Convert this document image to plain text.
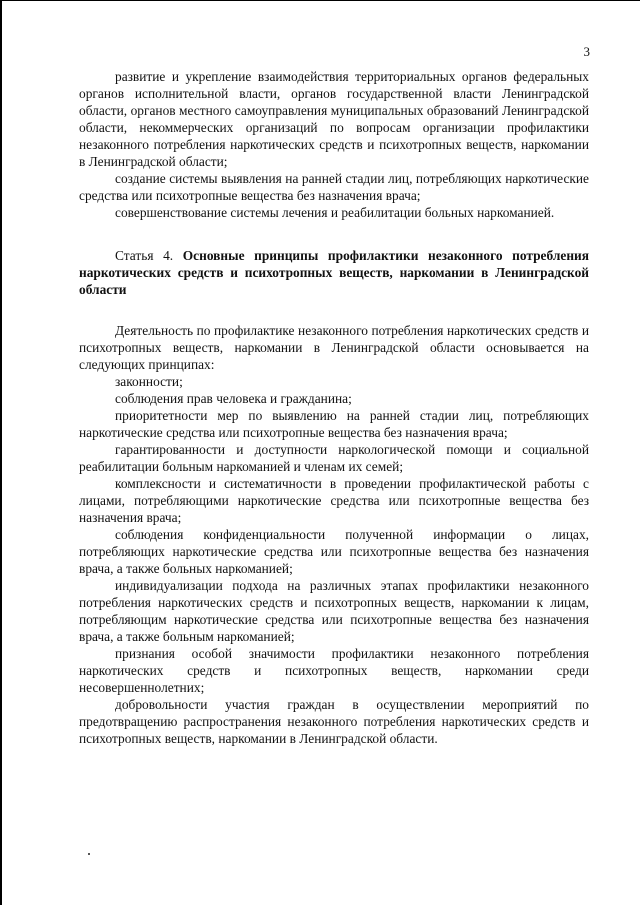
3

развитие и укрепление взаимодействия территориальных органов федеральных органов исполнительной власти, органов государственной власти Ленинградской области, органов местного самоуправления муниципальных образований Ленинградской области, некоммерческих организаций по вопросам организации профилактики незаконного потребления наркотических средств и психотропных веществ, наркомании в Ленинградской области;

создание системы выявления на ранней стадии лиц, потребляющих наркотические средства или психотропные вещества без назначения врача;

совершенствование системы лечения и реабилитации больных наркоманией.

Статья 4. Основные принципы профилактики незаконного потребления наркотических средств и психотропных веществ, наркомании в Ленинградской области

Деятельность по профилактике незаконного потребления наркотических средств и психотропных веществ, наркомании в Ленинградской области основывается на следующих принципах:

законности;

соблюдения прав человека и гражданина;

приоритетности мер по выявлению на ранней стадии лиц, потребляющих наркотические средства или психотропные вещества без назначения врача;

гарантированности и доступности наркологической помощи и социальной реабилитации больным наркоманией и членам их семей;

комплексности и систематичности в проведении профилактической работы с лицами, потребляющими наркотические средства или психотропные вещества без назначения врача;

соблюдения конфиденциальности полученной информации о лицах, потребляющих наркотические средства или психотропные вещества без назначения врача, а также больных наркоманией;

индивидуализации подхода на различных этапах профилактики незаконного потребления наркотических средств и психотропных веществ, наркомании к лицам, потребляющим наркотические средства или психотропные вещества без назначения врача, а также больным наркоманией;

признания особой значимости профилактики незаконного потребления наркотических средств и психотропных веществ, наркомании среди несовершеннолетних;

добровольности участия граждан в осуществлении мероприятий по предотвращению распространения незаконного потребления наркотических средств и психотропных веществ, наркомании в Ленинградской области.
